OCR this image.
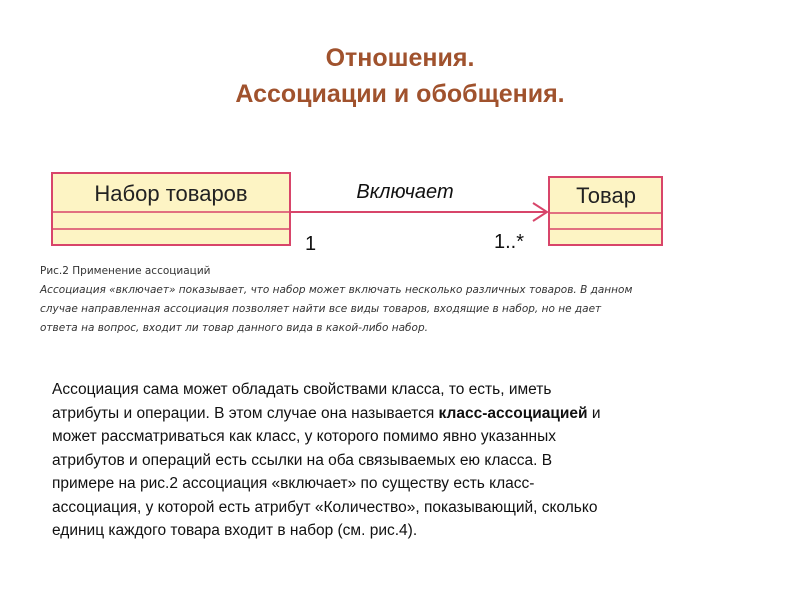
Отношения.
Ассоциации и обобщения.
Набор товаров	Товар
Включает
1	1..*
Рис.2 Применение ассоциаций
Ассоциация «включает» показывает, что набор может включать несколько различных товаров. В данном
случае направленная ассоциация позволяет найти все виды товаров, входящие в набор, но не дает
ответа на вопрос, входит ли товар данного вида в какой-либо набор.
Ассоциация сама может обладать свойствами класса, то есть, иметь
атрибуты и операции. В этом случае она называется класс-ассоциацией и
может рассматриваться как класс, у которого помимо явно указанных
атрибутов и операций есть ссылки на оба связываемых ею класса. В
примере на рис.2 ассоциация «включает» по существу есть класс-
ассоциация, у которой есть атрибут «Количество», показывающий, сколько
единиц каждого товара входит в набор (см. рис.4).
